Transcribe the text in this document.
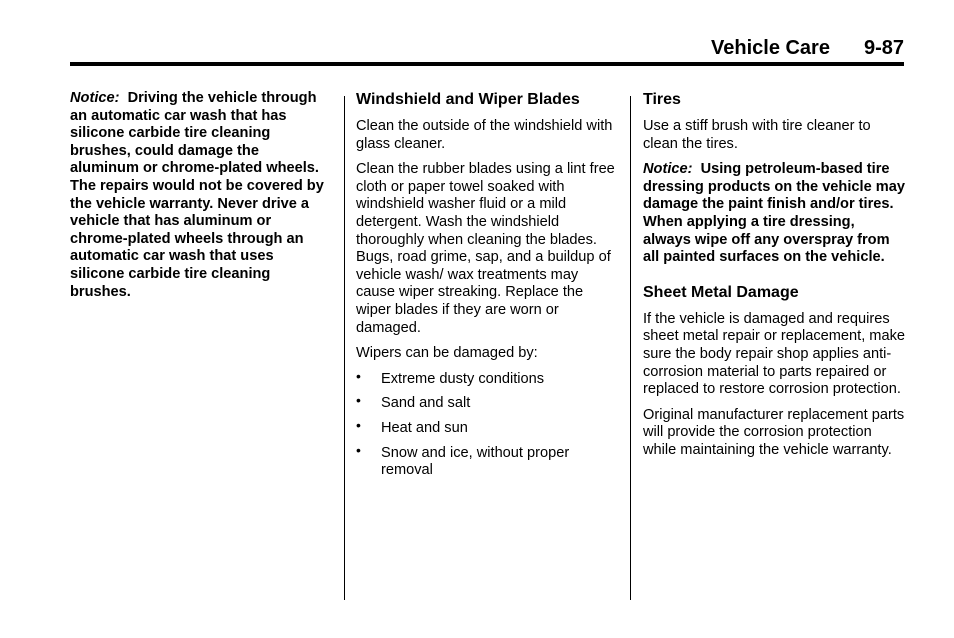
Vehicle Care 9-87

Notice: Driving the vehicle through an automatic car wash that has silicone carbide tire cleaning brushes, could damage the aluminum or chrome-plated wheels. The repairs would not be covered by the vehicle warranty. Never drive a vehicle that has aluminum or chrome-plated wheels through an automatic car wash that uses silicone carbide tire cleaning brushes.

Windshield and Wiper Blades

Clean the outside of the windshield with glass cleaner.

Clean the rubber blades using a lint free cloth or paper towel soaked with windshield washer fluid or a mild detergent. Wash the windshield thoroughly when cleaning the blades. Bugs, road grime, sap, and a buildup of vehicle wash/ wax treatments may cause wiper streaking. Replace the wiper blades if they are worn or damaged.

Wipers can be damaged by:

• Extreme dusty conditions
• Sand and salt
• Heat and sun
• Snow and ice, without proper removal
Tires

Use a stiff brush with tire cleaner to clean the tires.

Notice: Using petroleum-based tire dressing products on the vehicle may damage the paint finish and/or tires. When applying a tire dressing, always wipe off any overspray from all painted surfaces on the vehicle.

Sheet Metal Damage

If the vehicle is damaged and requires sheet metal repair or replacement, make sure the body repair shop applies anti-corrosion material to parts repaired or replaced to restore corrosion protection.

Original manufacturer replacement parts will provide the corrosion protection while maintaining the vehicle warranty.
